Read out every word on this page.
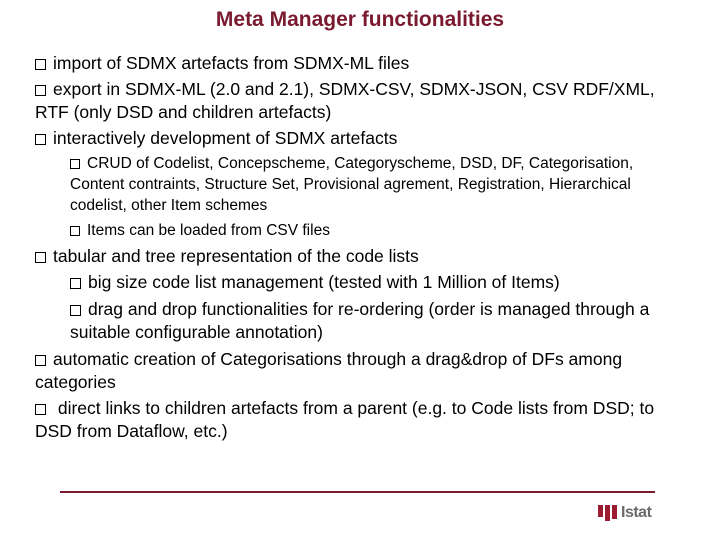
Meta Manager functionalities
import of SDMX artefacts from SDMX-ML files
export in SDMX-ML (2.0 and 2.1), SDMX-CSV, SDMX-JSON, CSV RDF/XML, RTF (only DSD and children artefacts)
interactively development of SDMX artefacts
CRUD of Codelist, Concepscheme, Categoryscheme, DSD, DF, Categorisation, Content contraints, Structure Set, Provisional agrement, Registration, Hierarchical codelist, other Item schemes
Items can be loaded from CSV files
tabular and tree representation of the code lists
big size code list management (tested with 1 Million of Items)
drag and drop functionalities for re-ordering (order is managed through a suitable configurable annotation)
automatic creation of Categorisations through a drag&drop of DFs among categories
direct links to children artefacts from a parent (e.g. to Code lists from DSD; to DSD from Dataflow, etc.)
Istat
